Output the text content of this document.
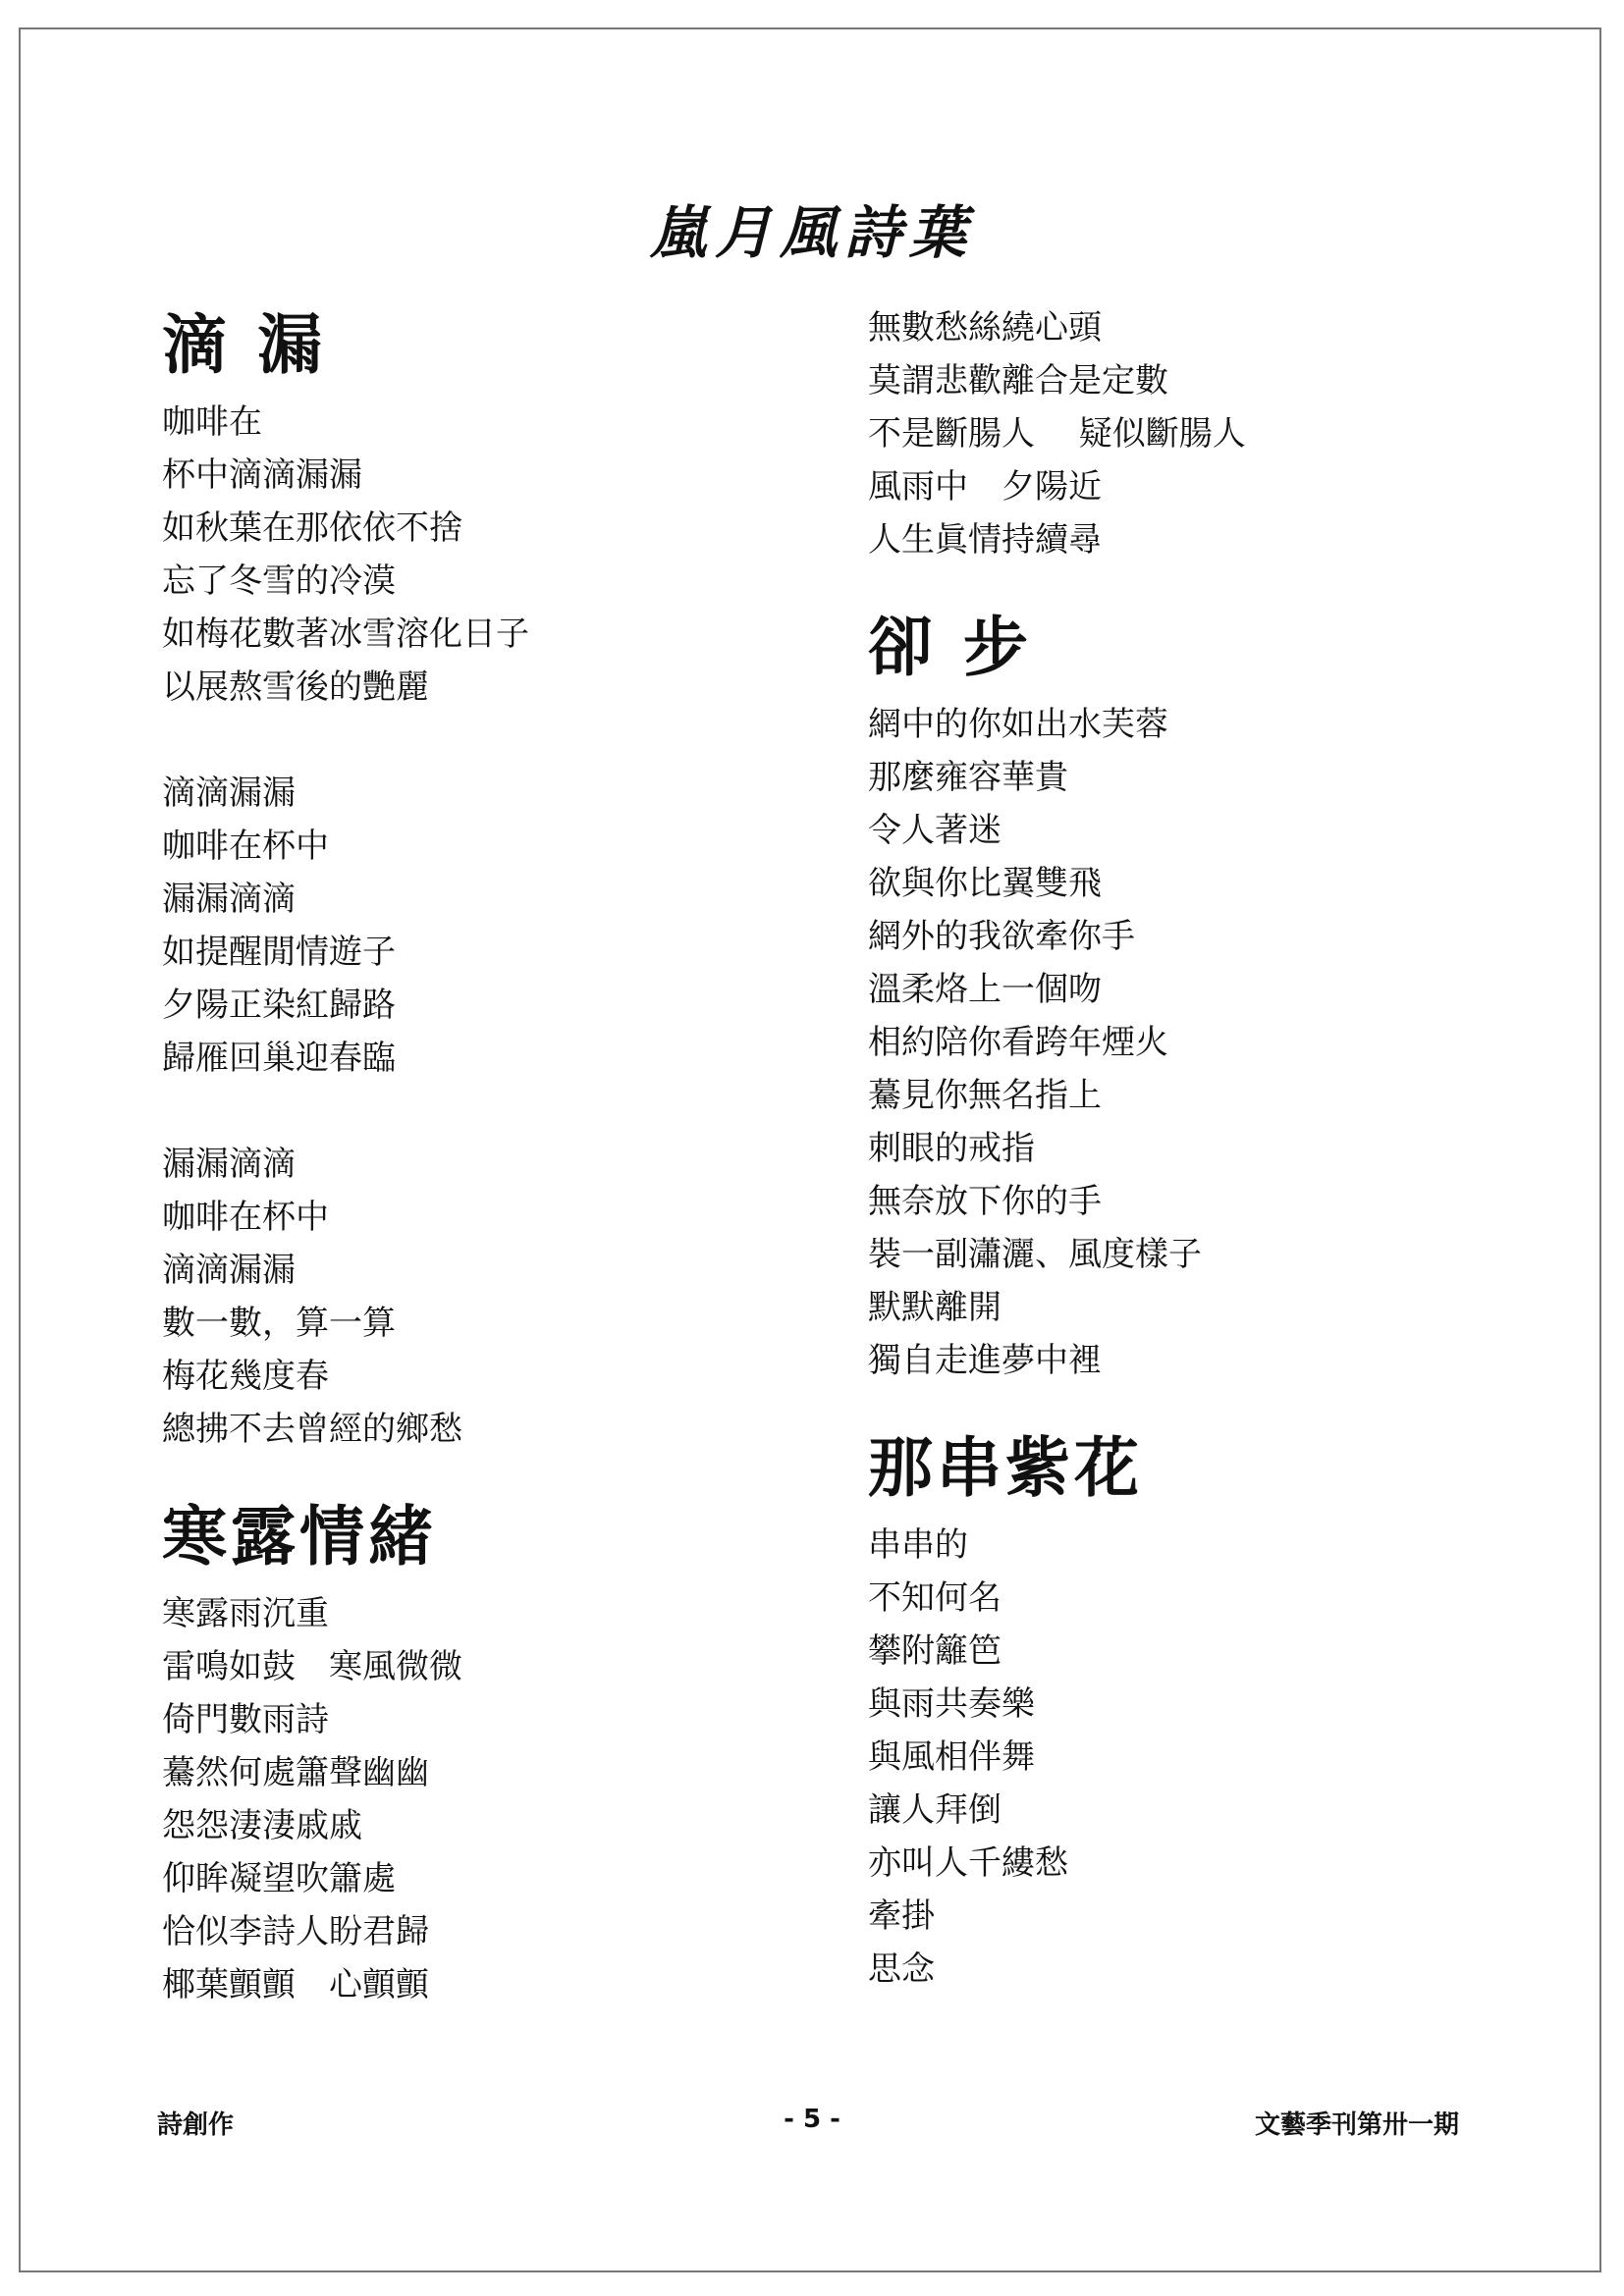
嵐月風詩葉
滴 漏
咖啡在
杯中滴滴漏漏
如秋葉在那依依不捨
忘了冬雪的冷漠
如梅花數著冰雪溶化日子
以展熬雪後的艷麗
滴滴漏漏
咖啡在杯中
漏漏滴滴
如提醒閒情遊子
夕陽正染紅歸路
歸雁回巢迎春臨
漏漏滴滴
咖啡在杯中
滴滴漏漏
數一數，算一算
梅花幾度春
總拂不去曾經的鄉愁
寒露情緒
寒露雨沉重
雷鳴如鼓　寒風微微
倚門數雨詩
驀然何處簫聲幽幽
怨怨淒淒戚戚
仰眸凝望吹簫處
恰似李詩人盼君歸
椰葉顫顫　心顫顫
無數愁絲繞心頭
莫謂悲歡離合是定數
不是斷腸人　 疑似斷腸人
風雨中　夕陽近
人生眞情持續尋
卻 步
網中的你如出水芙蓉
那麼雍容華貴
令人著迷
欲與你比翼雙飛
網外的我欲牽你手
溫柔烙上一個吻
相約陪你看跨年煙火
驀見你無名指上
刺眼的戒指
無奈放下你的手
裝一副瀟灑、風度樣子
默默離開
獨自走進夢中裡
那串紫花
串串的
不知何名
攀附籬笆
與雨共奏樂
與風相伴舞
讓人拜倒
亦叫人千縷愁
牽掛
思念
詩創作	- 5 -	文藝季刊第卅一期
